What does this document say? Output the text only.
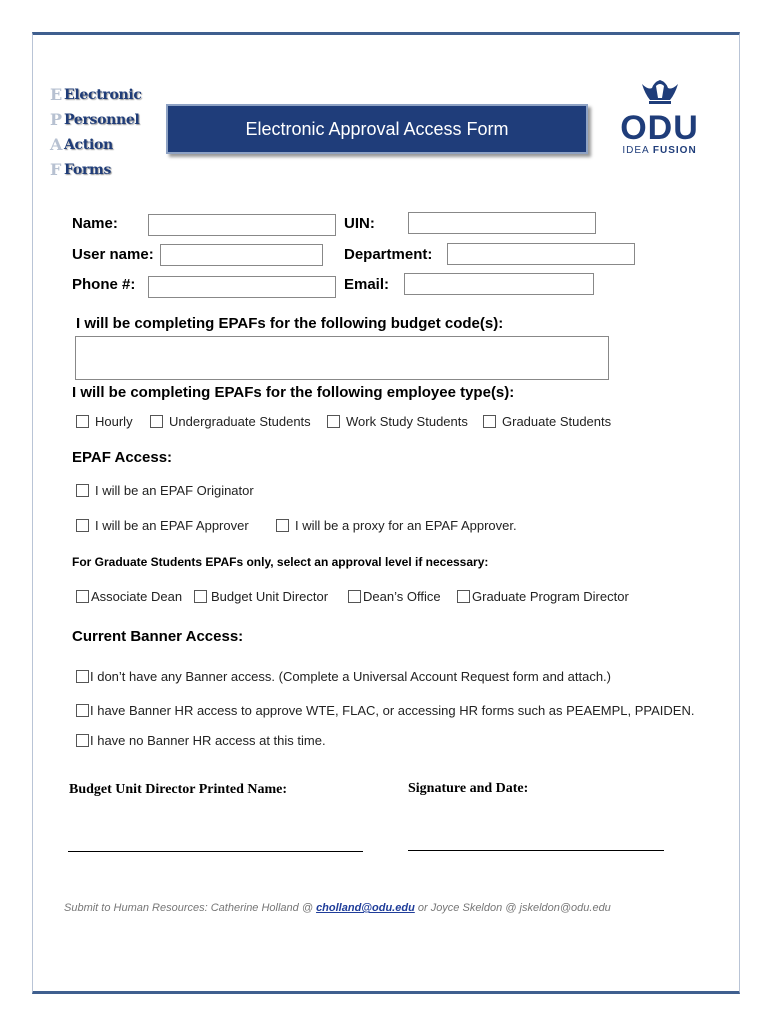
E Electronic
P Personnel
A Action
F Forms
Electronic Approval Access Form	ODU
IDEA FUSION
Name:	UIN:
User name:	Department:
Phone #:	Email:
I will be completing EPAFs for the following budget code(s):
I will be completing EPAFs for the following employee type(s):
Hourly	Undergraduate Students	Work Study Students	Graduate Students
EPAF Access:
I will be an EPAF Originator
I will be an EPAF Approver	I will be a proxy for an EPAF Approver.
For Graduate Students EPAFs only, select an approval level if necessary:
Associate Dean	Budget Unit Director	Dean’s Office	Graduate Program Director
Current Banner Access:
I don’t have any Banner access. (Complete a Universal Account Request form and attach.)
I have Banner HR access to approve WTE, FLAC, or accessing HR forms such as PEAEMPL, PPAIDEN.
I have no Banner HR access at this time.
Budget Unit Director Printed Name:	Signature and Date:
Submit to Human Resources: Catherine Holland @ cholland@odu.edu or Joyce Skeldon @ jskeldon@odu.edu
